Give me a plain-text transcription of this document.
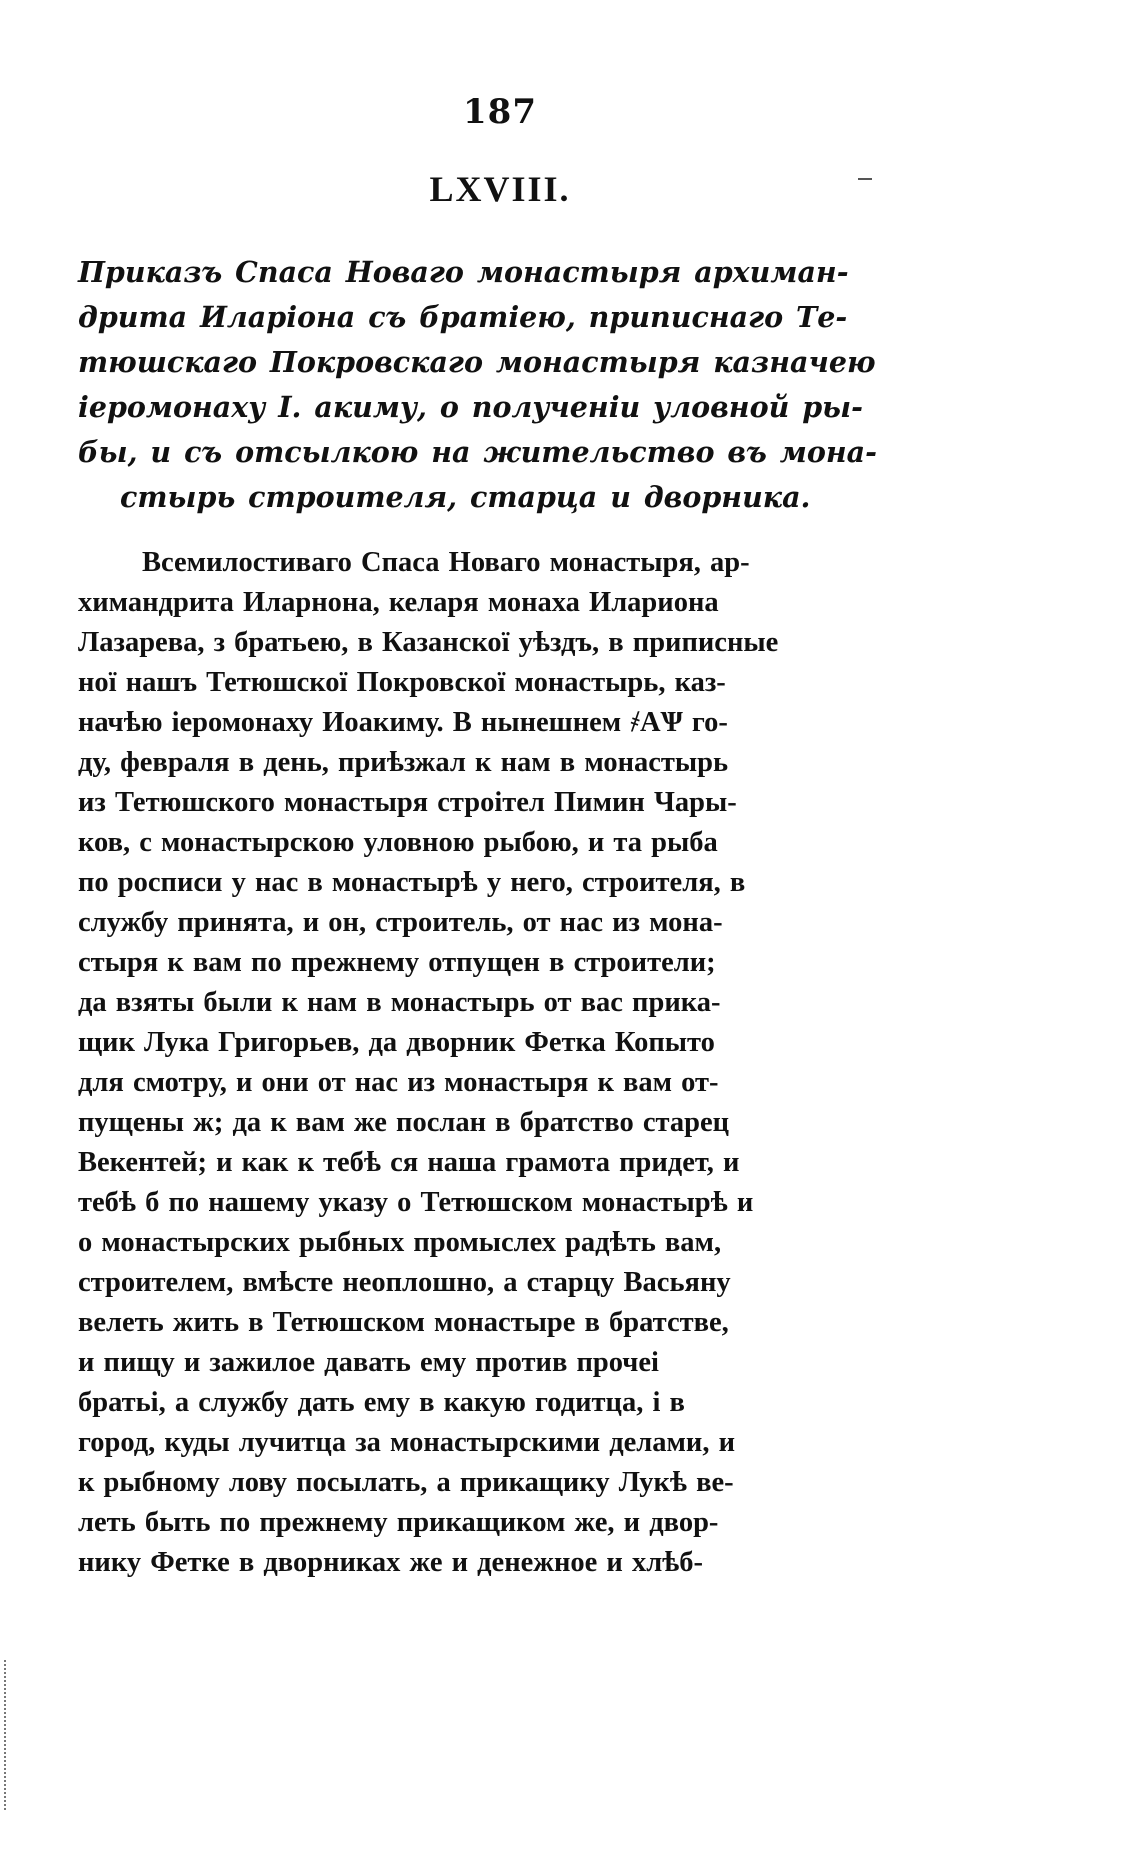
187
LXVIII.
Приказъ Спаса Новаго монастыря архиман-
дрита Иларіона съ братіею, приписнаго Те-
тюшскаго Покровскаго монастыря казначею
іеромонаху I. акиму, о полученіи уловной ры-
бы, и съ отсылкою на жительство въ мона-
стырь строителя, старца и дворника.
Всемилостиваго Спаса Новаго монастыря, ар-
химандрита Иларнона, келаря монаха Илариона
Лазарева, з братьею, в Казанскої уѣздъ, в приписные
ної нашъ Тетюшскої Покровскої монастырь, каз-
начѣю іеромонаху Иоакиму. В нынешнем ҂АѰ го-
ду, февраля в день, приѣзжал к нам в монастырь
из Тетюшского монастыря строітел Пимин Чары-
ков, с монастырскою уловною рыбою, и та рыба
по росписи у нас в монастырѣ у него, строителя, в
службу принята, и он, строитель, от нас из мона-
стыря к вам по прежнему отпущен в строители;
да взяты были к нам в монастырь от вас прика-
щик Лука Григорьев, да дворник Фетка Копыто
для смотру, и они от нас из монастыря к вам от-
пущены ж; да к вам же послан в братство старец
Векентей; и как к тебѣ ся наша грамота придет, и
тебѣ б по нашему указу о Тетюшском монастырѣ и
о монастырских рыбных промыслех радѣть вам,
строителем, вмѣсте неоплошно, а старцу Васьяну
велеть жить в Тетюшском монастыре в братстве,
и пищу и зажилое давать ему против прочеі
братьі, а службу дать ему в какую годитца, і в
город, куды лучитца за монастырскими делами, и
к рыбному лову посылать, а прикащику Лукѣ ве-
леть быть по прежнему прикащиком же, и двор-
нику Фетке в дворниках же и денежное и хлѣб-
